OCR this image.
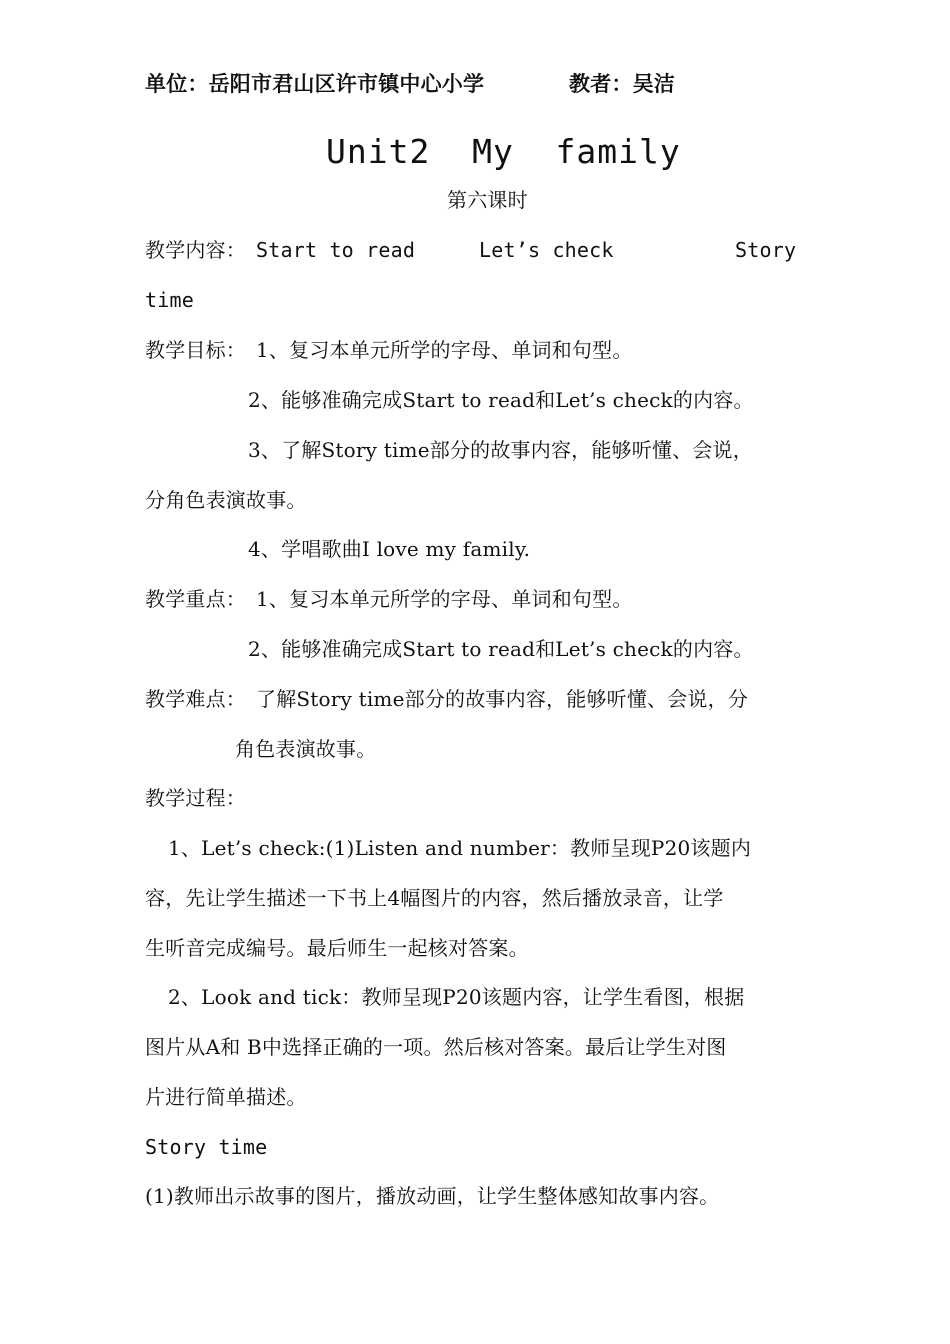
单位：岳阳市君山区许市镇中心小学	教者：吴洁
Unit2  My  family
第六课时
教学内容： Start to read	Let’s check	Story
time
教学目标： 1、复习本单元所学的字母、单词和句型。
2、能够准确完成Start to read和Let’s check的内容。
3、了解Story time部分的故事内容，能够听懂、会说，
分角色表演故事。
4、学唱歌曲I love my family.
教学重点： 1、复习本单元所学的字母、单词和句型。
2、能够准确完成Start to read和Let’s check的内容。
教学难点： 了解Story time部分的故事内容，能够听懂、会说，分
角色表演故事。
教学过程：
1、Let’s check:(1)Listen and number：教师呈现P20该题内
容，先让学生描述一下书上4幅图片的内容，然后播放录音，让学
生听音完成编号。最后师生一起核对答案。
2、Look and tick：教师呈现P20该题内容，让学生看图，根据
图片从A和 B中选择正确的一项。然后核对答案。最后让学生对图
片进行简单描述。
Story time
(1)教师出示故事的图片，播放动画，让学生整体感知故事内容。
